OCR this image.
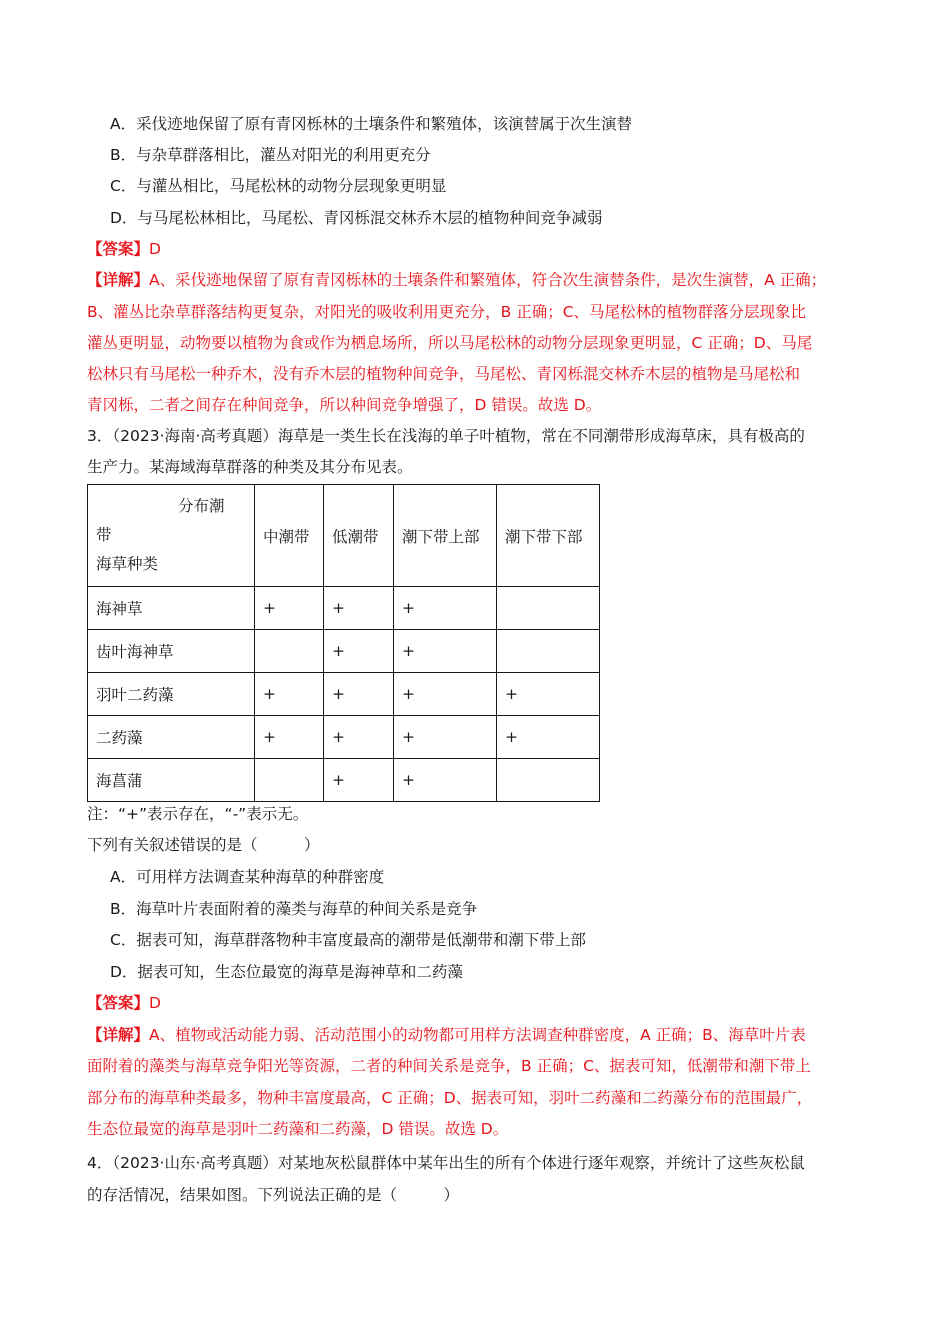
A．采伐迹地保留了原有青冈栎林的土壤条件和繁殖体，该演替属于次生演替
B．与杂草群落相比，灌丛对阳光的利用更充分
C．与灌丛相比，马尾松林的动物分层现象更明显
D．与马尾松林相比，马尾松、青冈栎混交林乔木层的植物种间竞争减弱
【答案】D
【详解】A、采伐迹地保留了原有青冈栎林的土壤条件和繁殖体，符合次生演替条件，是次生演替，A 正确；
B、灌丛比杂草群落结构更复杂，对阳光的吸收利用更充分，B 正确；C、马尾松林的植物群落分层现象比
灌丛更明显，动物要以植物为食或作为栖息场所，所以马尾松林的动物分层现象更明显，C 正确；D、马尾
松林只有马尾松一种乔木，没有乔木层的植物种间竞争，马尾松、青冈栎混交林乔木层的植物是马尾松和
青冈栎，二者之间存在种间竞争，所以种间竞争增强了，D 错误。故选 D。
3．（2023·海南·高考真题）海草是一类生长在浅海的单子叶植物，常在不同潮带形成海草床，具有极高的
生产力。某海域海草群落的种类及其分布见表。
分布潮
带
海草种类	中潮带	低潮带	潮下带上部	潮下带下部
海神草	+	+	+	
齿叶海神草		+	+	
羽叶二药藻	+	+	+	+
二药藻	+	+	+	+
海菖蒲		+	+	
注：“+”表示存在，“-”表示无。
下列有关叙述错误的是（　　　）
A．可用样方法调查某种海草的种群密度
B．海草叶片表面附着的藻类与海草的种间关系是竞争
C．据表可知，海草群落物种丰富度最高的潮带是低潮带和潮下带上部
D．据表可知，生态位最宽的海草是海神草和二药藻
【答案】D
【详解】A、植物或活动能力弱、活动范围小的动物都可用样方法调查种群密度，A 正确；B、海草叶片表
面附着的藻类与海草竞争阳光等资源，二者的种间关系是竞争，B 正确；C、据表可知，低潮带和潮下带上
部分布的海草种类最多，物种丰富度最高，C 正确；D、据表可知，羽叶二药藻和二药藻分布的范围最广，
生态位最宽的海草是羽叶二药藻和二药藻，D 错误。故选 D。
4．（2023·山东·高考真题）对某地灰松鼠群体中某年出生的所有个体进行逐年观察，并统计了这些灰松鼠
的存活情况，结果如图。下列说法正确的是（　　　）
